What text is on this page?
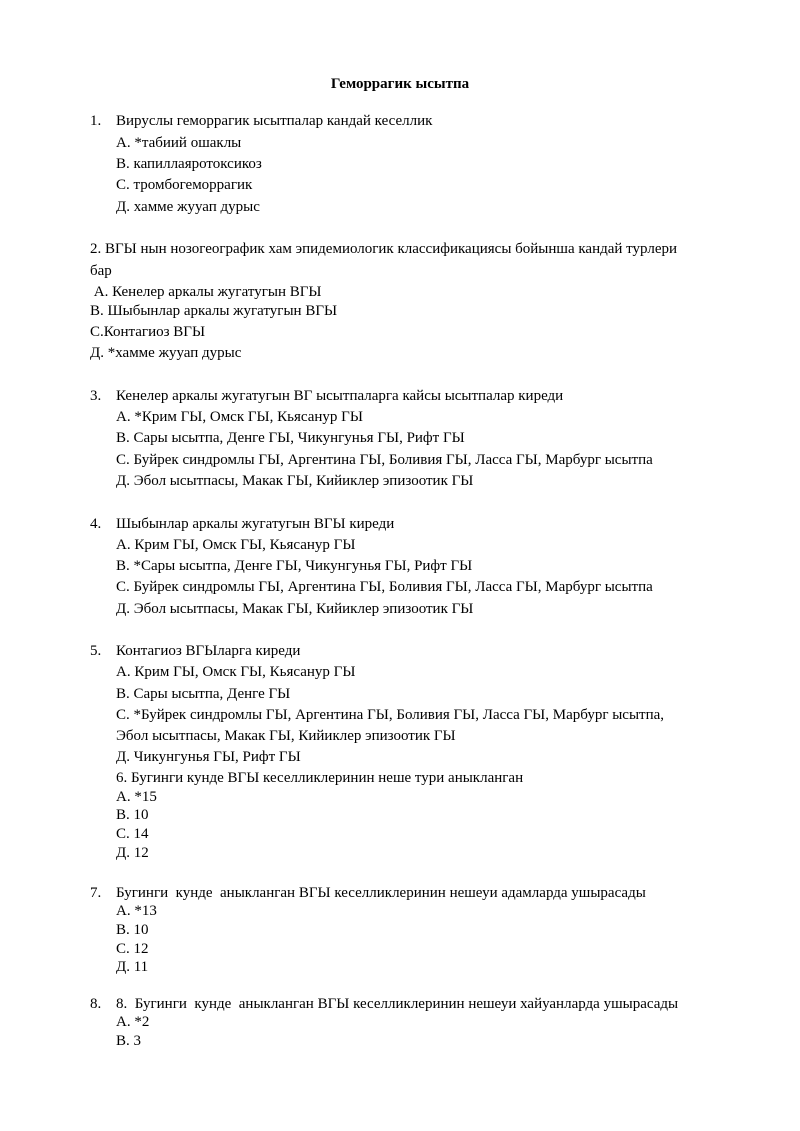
Геморрагик ысытпа
1. Вируслы геморрагик ысытпалар кандай кеселлик
А. *табиий ошаклы
В. капиллаяротоксикоз
С. тромбогеморрагик
Д. хамме жууап дурыс
2. ВГЫ нын нозогеографик хам эпидемиологик классификациясы бойынша кандай турлери
бар
А. Кенелер аркалы жугатугын ВГЫ
В. Шыбынлар аркалы жугатугын ВГЫ
С.Контагиоз ВГЫ
Д. *хамме жууап дурыс
3. Кенелер аркалы жугатугын ВГ ысытпаларга кайсы ысытпалар киреди
А. *Крим ГЫ, Омск ГЫ, Кьясанур ГЫ
В. Сары ысытпа, Денге ГЫ, Чикунгунья ГЫ, Рифт ГЫ
С. Буйрек синдромлы ГЫ, Аргентина ГЫ, Боливия ГЫ, Ласса ГЫ, Марбург ысытпа
Д. Эбол ысытпасы, Макак ГЫ, Кийиклер эпизоотик ГЫ
4. Шыбынлар аркалы жугатугын ВГЫ киреди
А. Крим ГЫ, Омск ГЫ, Кьясанур ГЫ
В. *Сары ысытпа, Денге ГЫ, Чикунгунья ГЫ, Рифт ГЫ
С. Буйрек синдромлы ГЫ, Аргентина ГЫ, Боливия ГЫ, Ласса ГЫ, Марбург ысытпа
Д. Эбол ысытпасы, Макак ГЫ, Кийиклер эпизоотик ГЫ
5. Контагиоз ВГЫларга киреди
А. Крим ГЫ, Омск ГЫ, Кьясанур ГЫ
В. Сары ысытпа, Денге ГЫ
С. *Буйрек синдромлы ГЫ, Аргентина ГЫ, Боливия ГЫ, Ласса ГЫ, Марбург ысытпа,
Эбол ысытпасы, Макак ГЫ, Кийиклер эпизоотик ГЫ
Д. Чикунгунья ГЫ, Рифт ГЫ
6. Бугинги кунде ВГЫ кеселликлеринин неше тури аныкланган
А. *15
В. 10
С. 14
Д. 12
7. Бугинги  кунде  аныкланган ВГЫ кеселликлеринин нешеуи адамларда ушырасады
А. *13
В. 10
С. 12
Д. 11
8. 8.  Бугинги  кунде  аныкланган ВГЫ кеселликлеринин нешеуи хайуанларда ушырасады
А. *2
В. 3
